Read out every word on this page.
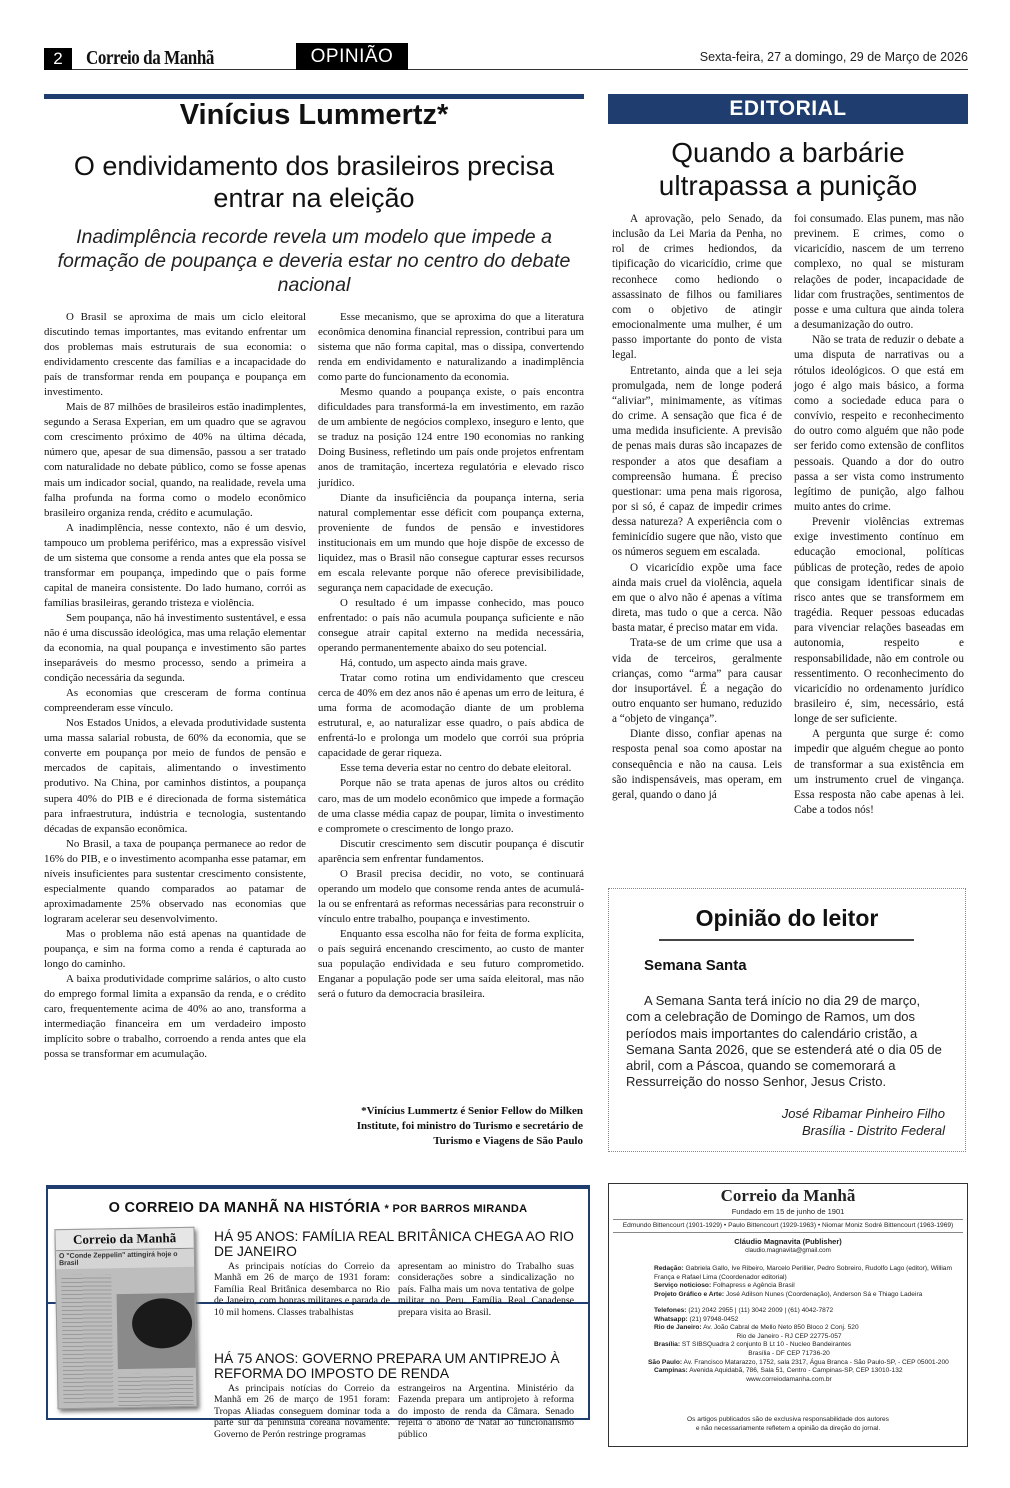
2	Correio da Manhã	OPINIÃO	Sexta-feira, 27 a domingo, 29 de Março de 2026
Vinícius Lummertz*
O endividamento dos brasileiros precisa entrar na eleição
Inadimplência recorde revela um modelo que impede a formação de poupança e deveria estar no centro do debate nacional

O Brasil se aproxima de mais um ciclo eleitoral discutindo temas importantes, mas evitando enfrentar um dos problemas mais estruturais de sua economia: o endividamento crescente das famílias e a incapacidade do país de transformar renda em poupança e poupança em investimento.

Mais de 87 milhões de brasileiros estão inadimplentes, segundo a Serasa Experian, em um quadro que se agravou com crescimento próximo de 40% na última década, número que, apesar de sua dimensão, passou a ser tratado com naturalidade no debate público, como se fosse apenas mais um indicador social, quando, na realidade, revela uma falha profunda na forma como o modelo econômico brasileiro organiza renda, crédito e acumulação.

A inadimplência, nesse contexto, não é um desvio, tampouco um problema periférico, mas a expressão visível de um sistema que consome a renda antes que ela possa se transformar em poupança, impedindo que o país forme capital de maneira consistente. Do lado humano, corrói as famílias brasileiras, gerando tristeza e violência.

Sem poupança, não há investimento sustentável, e essa não é uma discussão ideológica, mas uma relação elementar da economia, na qual poupança e investimento são partes inseparáveis do mesmo processo, sendo a primeira a condição necessária da segunda.

As economias que cresceram de forma contínua compreenderam esse vínculo.

Nos Estados Unidos, a elevada produtividade sustenta uma massa salarial robusta, de 60% da economia, que se converte em poupança por meio de fundos de pensão e mercados de capitais, alimentando o investimento produtivo. Na China, por caminhos distintos, a poupança supera 40% do PIB e é direcionada de forma sistemática para infraestrutura, indústria e tecnologia, sustentando décadas de expansão econômica.

No Brasil, a taxa de poupança permanece ao redor de 16% do PIB, e o investimento acompanha esse patamar, em níveis insuficientes para sustentar crescimento consistente, especialmente quando comparados ao patamar de aproximadamente 25% observado nas economias que lograram acelerar seu desenvolvimento.

Mas o problema não está apenas na quantidade de poupança, e sim na forma como a renda é capturada ao longo do caminho.

A baixa produtividade comprime salários, o alto custo do emprego formal limita a expansão da renda, e o crédito caro, frequentemente acima de 40% ao ano, transforma a intermediação financeira em um verdadeiro imposto implícito sobre o trabalho, corroendo a renda antes que ela possa se transformar em acumulação.

Esse mecanismo, que se aproxima do que a literatura econômica denomina financial repression, contribui para um sistema que não forma capital, mas o dissipa, convertendo renda em endividamento e naturalizando a inadimplência como parte do funcionamento da economia.

Mesmo quando a poupança existe, o país encontra dificuldades para transformá-la em investimento, em razão de um ambiente de negócios complexo, inseguro e lento, que se traduz na posição 124 entre 190 economias no ranking Doing Business, refletindo um país onde projetos enfrentam anos de tramitação, incerteza regulatória e elevado risco jurídico.

Diante da insuficiência da poupança interna, seria natural complementar esse déficit com poupança externa, proveniente de fundos de pensão e investidores institucionais em um mundo que hoje dispõe de excesso de liquidez, mas o Brasil não consegue capturar esses recursos em escala relevante porque não oferece previsibilidade, segurança nem capacidade de execução.

O resultado é um impasse conhecido, mas pouco enfrentado: o país não acumula poupança suficiente e não consegue atrair capital externo na medida necessária, operando permanentemente abaixo do seu potencial.

Há, contudo, um aspecto ainda mais grave.

Tratar como rotina um endividamento que cresceu cerca de 40% em dez anos não é apenas um erro de leitura, é uma forma de acomodação diante de um problema estrutural, e, ao naturalizar esse quadro, o país abdica de enfrentá-lo e prolonga um modelo que corrói sua própria capacidade de gerar riqueza.

Esse tema deveria estar no centro do debate eleitoral.

Porque não se trata apenas de juros altos ou crédito caro, mas de um modelo econômico que impede a formação de uma classe média capaz de poupar, limita o investimento e compromete o crescimento de longo prazo.

Discutir crescimento sem discutir poupança é discutir aparência sem enfrentar fundamentos.

O Brasil precisa decidir, no voto, se continuará operando um modelo que consome renda antes de acumulá-la ou se enfrentará as reformas necessárias para reconstruir o vínculo entre trabalho, poupança e investimento.

Enquanto essa escolha não for feita de forma explícita, o país seguirá encenando crescimento, ao custo de manter sua população endividada e seu futuro comprometido. Enganar a população pode ser uma saída eleitoral, mas não será o futuro da democracia brasileira.

*Vinícius Lummertz é Senior Fellow do Milken Institute, foi ministro do Turismo e secretário de Turismo e Viagens de São Paulo
EDITORIAL
Quando a barbárie ultrapassa a punição

A aprovação, pelo Senado, da inclusão da Lei Maria da Penha, no rol de crimes hediondos, da tipificação do vicaricídio, crime que reconhece como hediondo o assassinato de filhos ou familiares com o objetivo de atingir emocionalmente uma mulher, é um passo importante do ponto de vista legal.

Entretanto, ainda que a lei seja promulgada, nem de longe poderá “aliviar”, minimamente, as vítimas do crime. A sensação que fica é de uma medida insuficiente. A previsão de penas mais duras são incapazes de responder a atos que desafiam a compreensão humana. É preciso questionar: uma pena mais rigorosa, por si só, é capaz de impedir crimes dessa natureza? A experiência com o feminicídio sugere que não, visto que os números seguem em escalada.

O vicaricídio expõe uma face ainda mais cruel da violência, aquela em que o alvo não é apenas a vítima direta, mas tudo o que a cerca. Não basta matar, é preciso matar em vida.

Trata-se de um crime que usa a vida de terceiros, geralmente crianças, como “arma” para causar dor insuportável. É a negação do outro enquanto ser humano, reduzido a “objeto de vingança”.

Diante disso, confiar apenas na resposta penal soa como apostar na consequência e não na causa. Leis são indispensáveis, mas operam, em geral, quando o dano já

foi consumado. Elas punem, mas não previnem. E crimes, como o vicaricídio, nascem de um terreno complexo, no qual se misturam relações de poder, incapacidade de lidar com frustrações, sentimentos de posse e uma cultura que ainda tolera a desumanização do outro.

Não se trata de reduzir o debate a uma disputa de narrativas ou a rótulos ideológicos. O que está em jogo é algo mais básico, a forma como a sociedade educa para o convívio, respeito e reconhecimento do outro como alguém que não pode ser ferido como extensão de conflitos pessoais. Quando a dor do outro passa a ser vista como instrumento legítimo de punição, algo falhou muito antes do crime.

Prevenir violências extremas exige investimento contínuo em educação emocional, políticas públicas de proteção, redes de apoio que consigam identificar sinais de risco antes que se transformem em tragédia. Requer pessoas educadas para vivenciar relações baseadas em autonomia, respeito e responsabilidade, não em controle ou ressentimento. O reconhecimento do vicaricídio no ordenamento jurídico brasileiro é, sim, necessário, está longe de ser suficiente.

A pergunta que surge é: como impedir que alguém chegue ao ponto de transformar a sua existência em um instrumento cruel de vingança. Essa resposta não cabe apenas à lei. Cabe a todos nós!

Opinião do leitor
Semana Santa
A Semana Santa terá início no dia 29 de março, com a celebração de Domingo de Ramos, um dos períodos mais importantes do calendário cristão, a Semana Santa 2026, que se estenderá até o dia 05 de abril, com a Páscoa, quando se comemorará a Ressurreição do nosso Senhor, Jesus Cristo.
José Ribamar Pinheiro Filho
Brasília - Distrito Federal
O CORREIO DA MANHÃ NA HISTÓRIA * POR BARROS MIRANDA
Correio da Manhã
O "Conde Zeppelin" attingirá hoje o Brasil
HÁ 95 ANOS: FAMÍLIA REAL BRITÂNICA CHEGA AO RIO DE JANEIRO

As principais notícias do Correio da Manhã em 26 de março de 1931 foram: Família Real Britânica desembarca no Rio de Janeiro, com honras militares e parada de 10 mil homens. Classes trabalhistas

apresentam ao ministro do Trabalho suas considerações sobre a sindicalização no país. Falha mais um nova tentativa de golpe militar no Peru. Família Real Canadense prepara visita ao Brasil.
HÁ 75 ANOS: GOVERNO PREPARA UM ANTIPREJO À REFORMA DO IMPOSTO DE RENDA

As principais notícias do Correio da Manhã em 26 de março de 1951 foram: Tropas Aliadas conseguem dominar toda a parte sul da península coreana novamente. Governo de Perón restringe programas

estrangeiros na Argentina. Ministério da Fazenda prepara um antiprojeto à reforma do imposto de renda da Câmara. Senado rejeita o abono de Natal ao funcionalismo público
Correio da Manhã
Fundado em 15 de junho de 1901
Edmundo Bittencourt (1901-1929) • Paulo Bittencourt (1929-1963) • Niomar Moniz Sodré Bittencourt (1963-1969)
Cláudio Magnavita (Publisher)
claudio.magnavita@gmail.com
Redação: Gabriela Gallo, Ive Ribeiro, Marcelo Perillier, Pedro Sobreiro, Rudolfo Lago (editor), William França e Rafael Lima (Coordenador editorial)
Serviço noticioso: Folhapress e Agência Brasil
Projeto Gráfico e Arte: José Adilson Nunes (Coordenação), Anderson Sá e Thiago Ladeira
Telefones: (21) 2042 2955 | (11) 3042 2009 | (61) 4042-7872
Whatsapp: (21) 97948-0452
Rio de Janeiro: Av. João Cabral de Mello Neto 850 Bloco 2 Conj. 520
Rio de Janeiro - RJ CEP 22775-057
Brasília: ST SIBSQuadra 2 conjunto B Lt 10 - Nucleo Bandeirantes
Brasília - DF CEP 71736-20
São Paulo: Av. Francisco Matarazzo, 1752, sala 2317, Água Branca - São Paulo-SP, - CEP 05001-200
Campinas: Avenida Aquidabã, 786, Sala 51, Centro - Campinas-SP, CEP 13010-132
www.correiodamanha.com.br
Os artigos publicados são de exclusiva responsabilidade dos autores
e não necessariamente refletem a opinião da direção do jornal.
